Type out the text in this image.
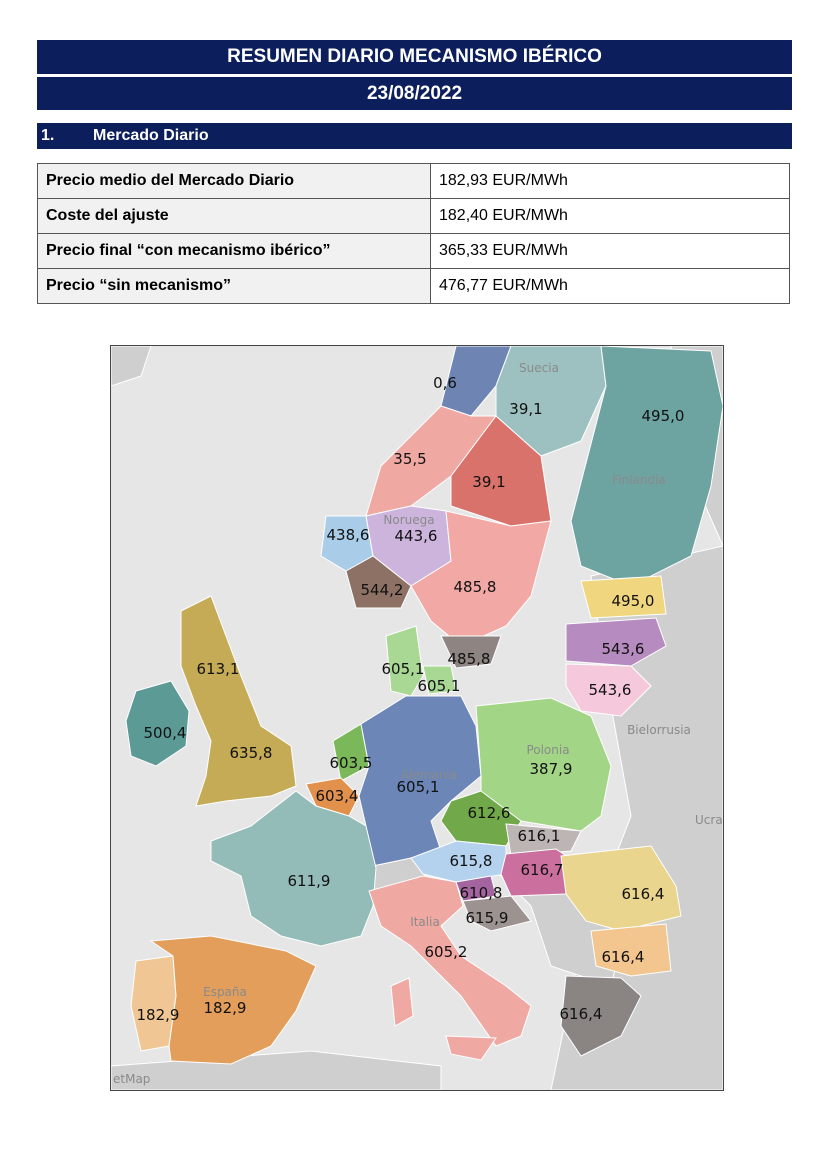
RESUMEN DIARIO MECANISMO IBÉRICO
23/08/2022
1. Mercado Diario
Precio medio del Mercado Diario	182,93 EUR/MWh
Coste del ajuste	182,40 EUR/MWh
Precio final “con mecanismo ibérico”	365,33 EUR/MWh
Precio “sin mecanismo”	476,77 EUR/MWh
Suecia
Finlandia
Noruega
Bielorrusia
Ucra
Polonia
Alemania
Italia
España
etMap
0,6
39,1	495,0
35,5
39,1
438,6 443,6
544,2	485,8
495,0
485,8
543,6
543,6
605,1
605,1
613,1
635,8
500,4
603,5
603,4	605,1
387,9
612,6
616,1
615,8 616,7
610,8
615,9
611,9
616,4
616,4
605,2
616,4
182,9 182,9
